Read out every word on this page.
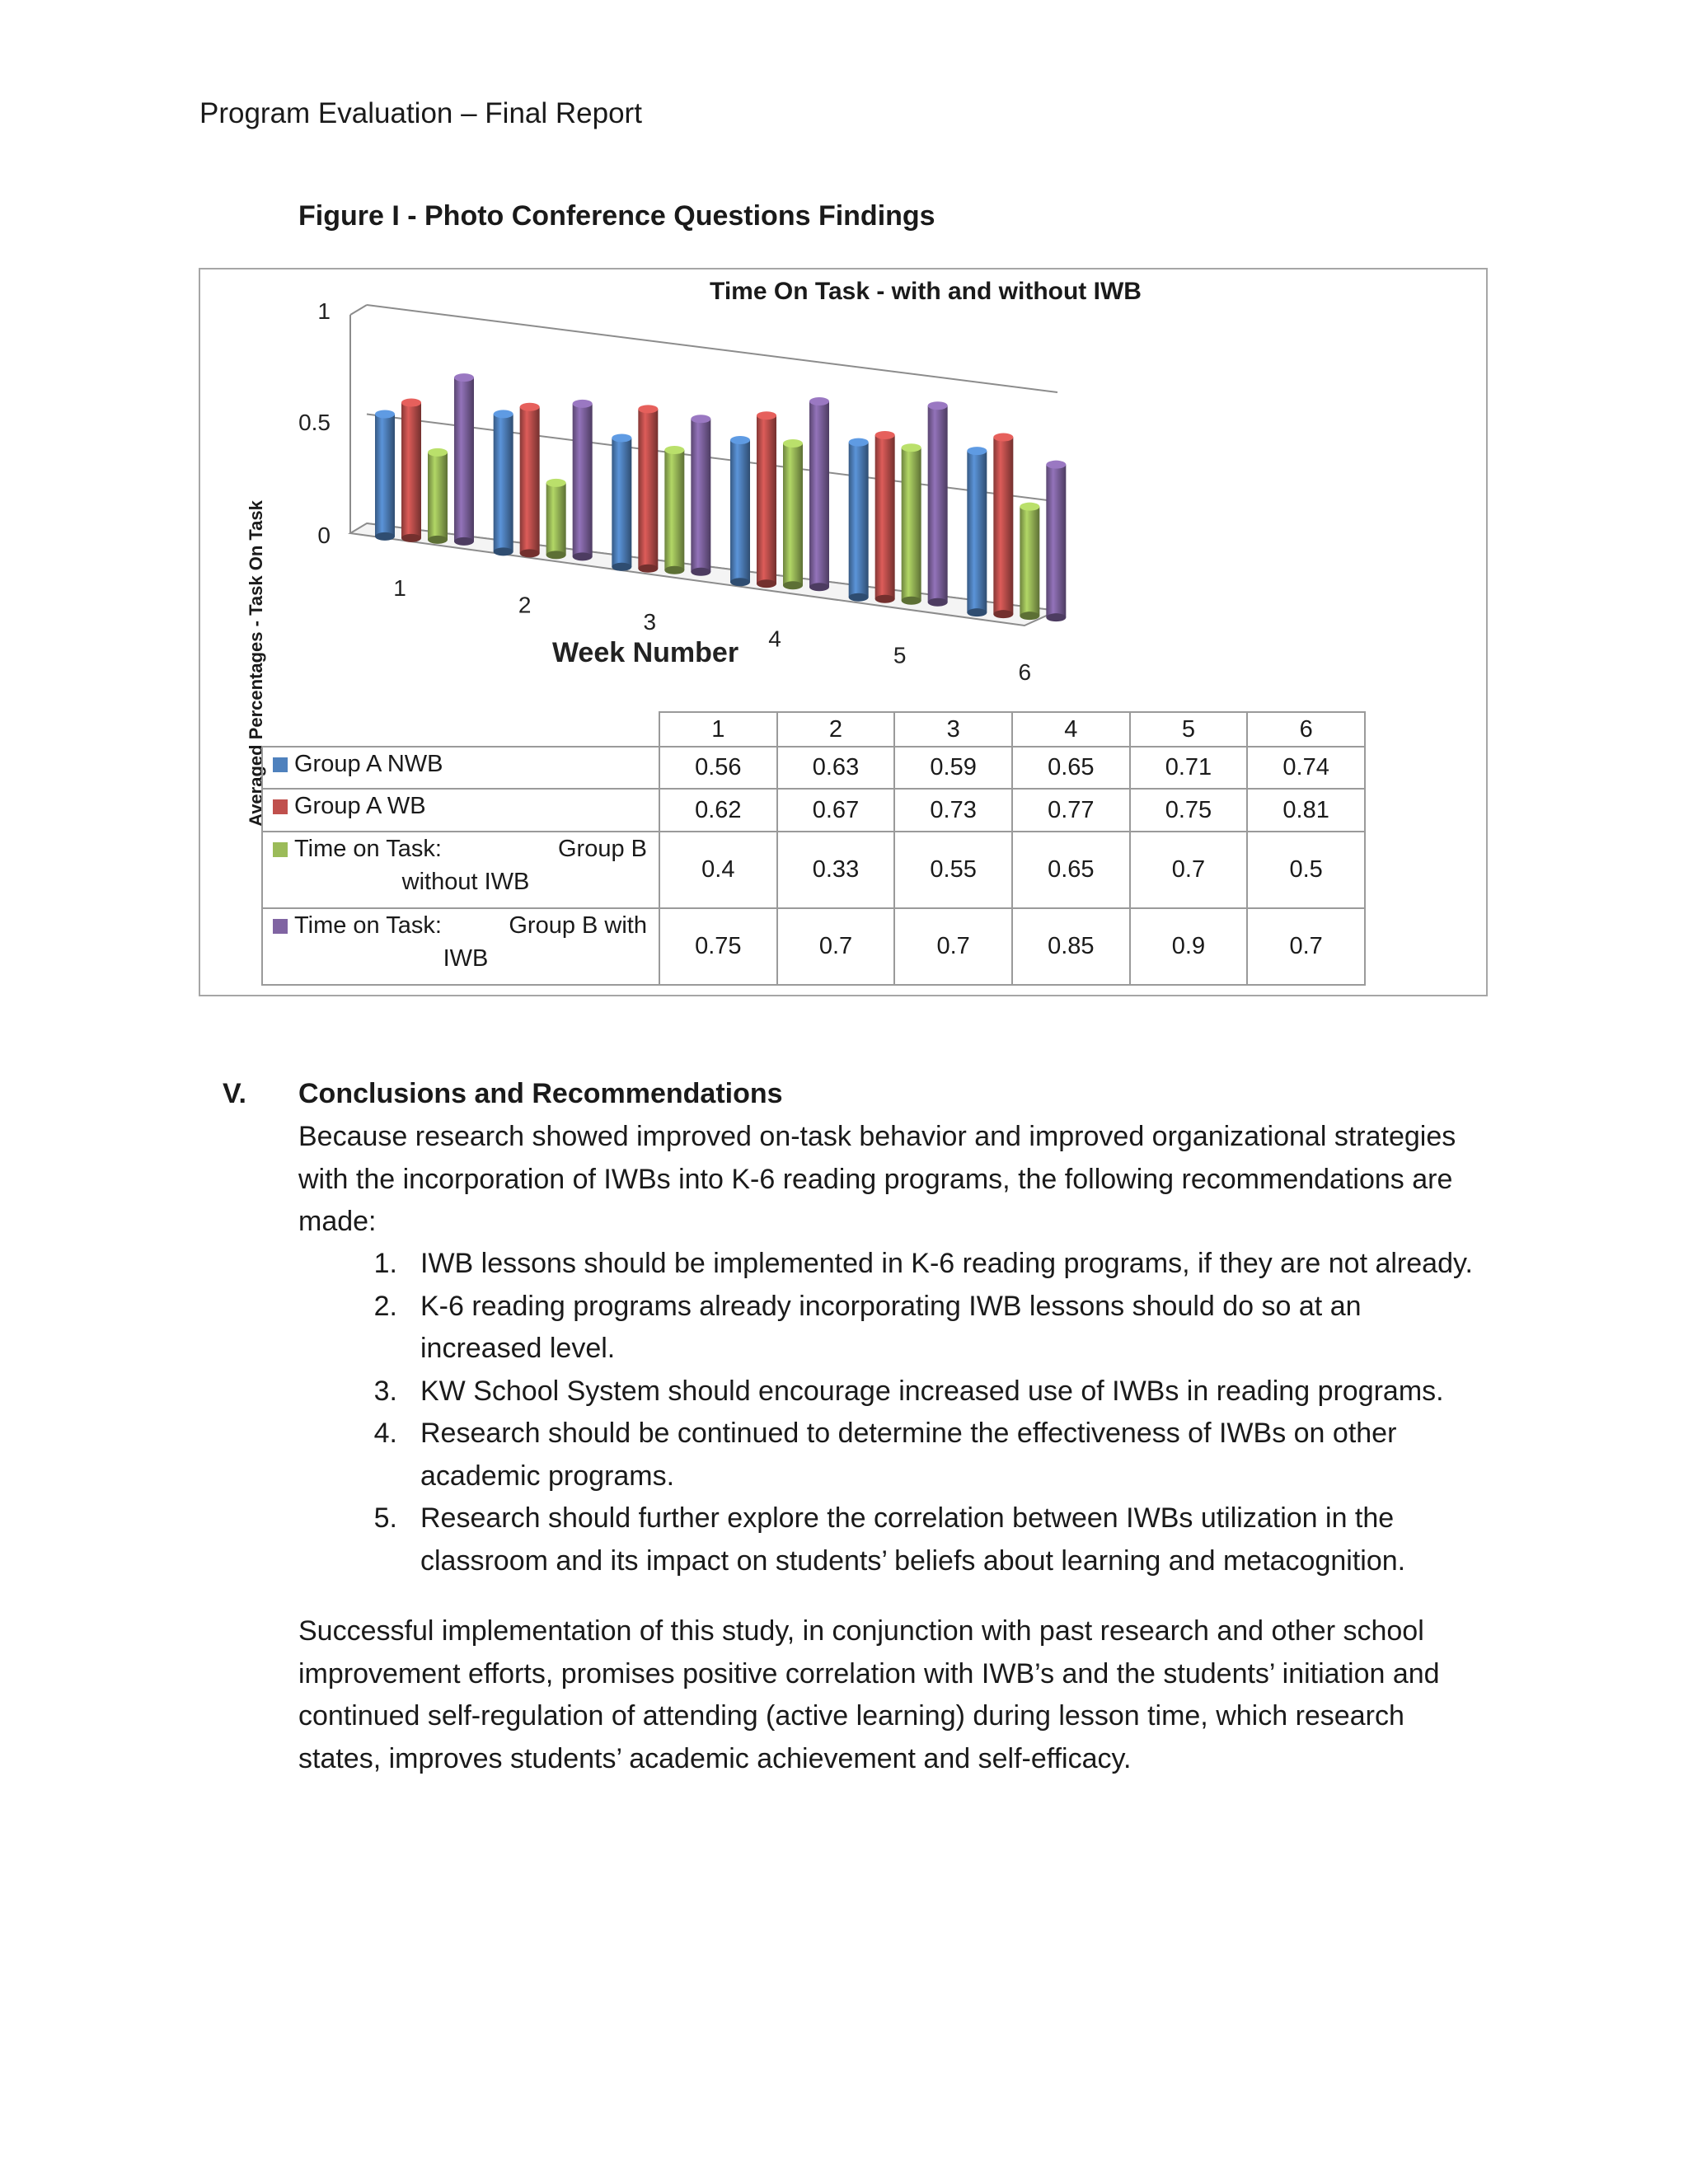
Program Evaluation – Final Report
Figure I - Photo Conference Questions Findings
0
0.5
1
1
2
3
4
5
6
Week Number
Time On Task - with and without IWB
Averaged Percentages - Task On Task
		1	2	3	4	5	6
Group A NWB	0.56	0.63	0.59	0.65	0.71	0.74
Group A WB	0.62	0.67	0.73	0.77	0.75	0.81

Time on Task: Group B
without IWB	0.4	0.33	0.55	0.65	0.7	0.5

Time on Task: Group B with
IWB	0.75	0.7	0.7	0.85	0.9	0.7
V. Conclusions and Recommendations
Because research showed improved on-task behavior and improved organizational strategies with the incorporation of IWBs into K-6 reading programs, the following recommendations are made:
1. IWB lessons should be implemented in K-6 reading programs, if they are not already.
2. K-6 reading programs already incorporating IWB lessons should do so at an increased level.
3. KW School System should encourage increased use of IWBs in reading programs.
4. Research should be continued to determine the effectiveness of IWBs on other academic programs.
5. Research should further explore the correlation between IWBs utilization in the classroom and its impact on students’ beliefs about learning and metacognition.
Successful implementation of this study, in conjunction with past research and other school improvement efforts, promises positive correlation with IWB’s and the students’ initiation and continued self-regulation of attending (active learning) during lesson time, which research states, improves students’ academic achievement and self-efficacy.
